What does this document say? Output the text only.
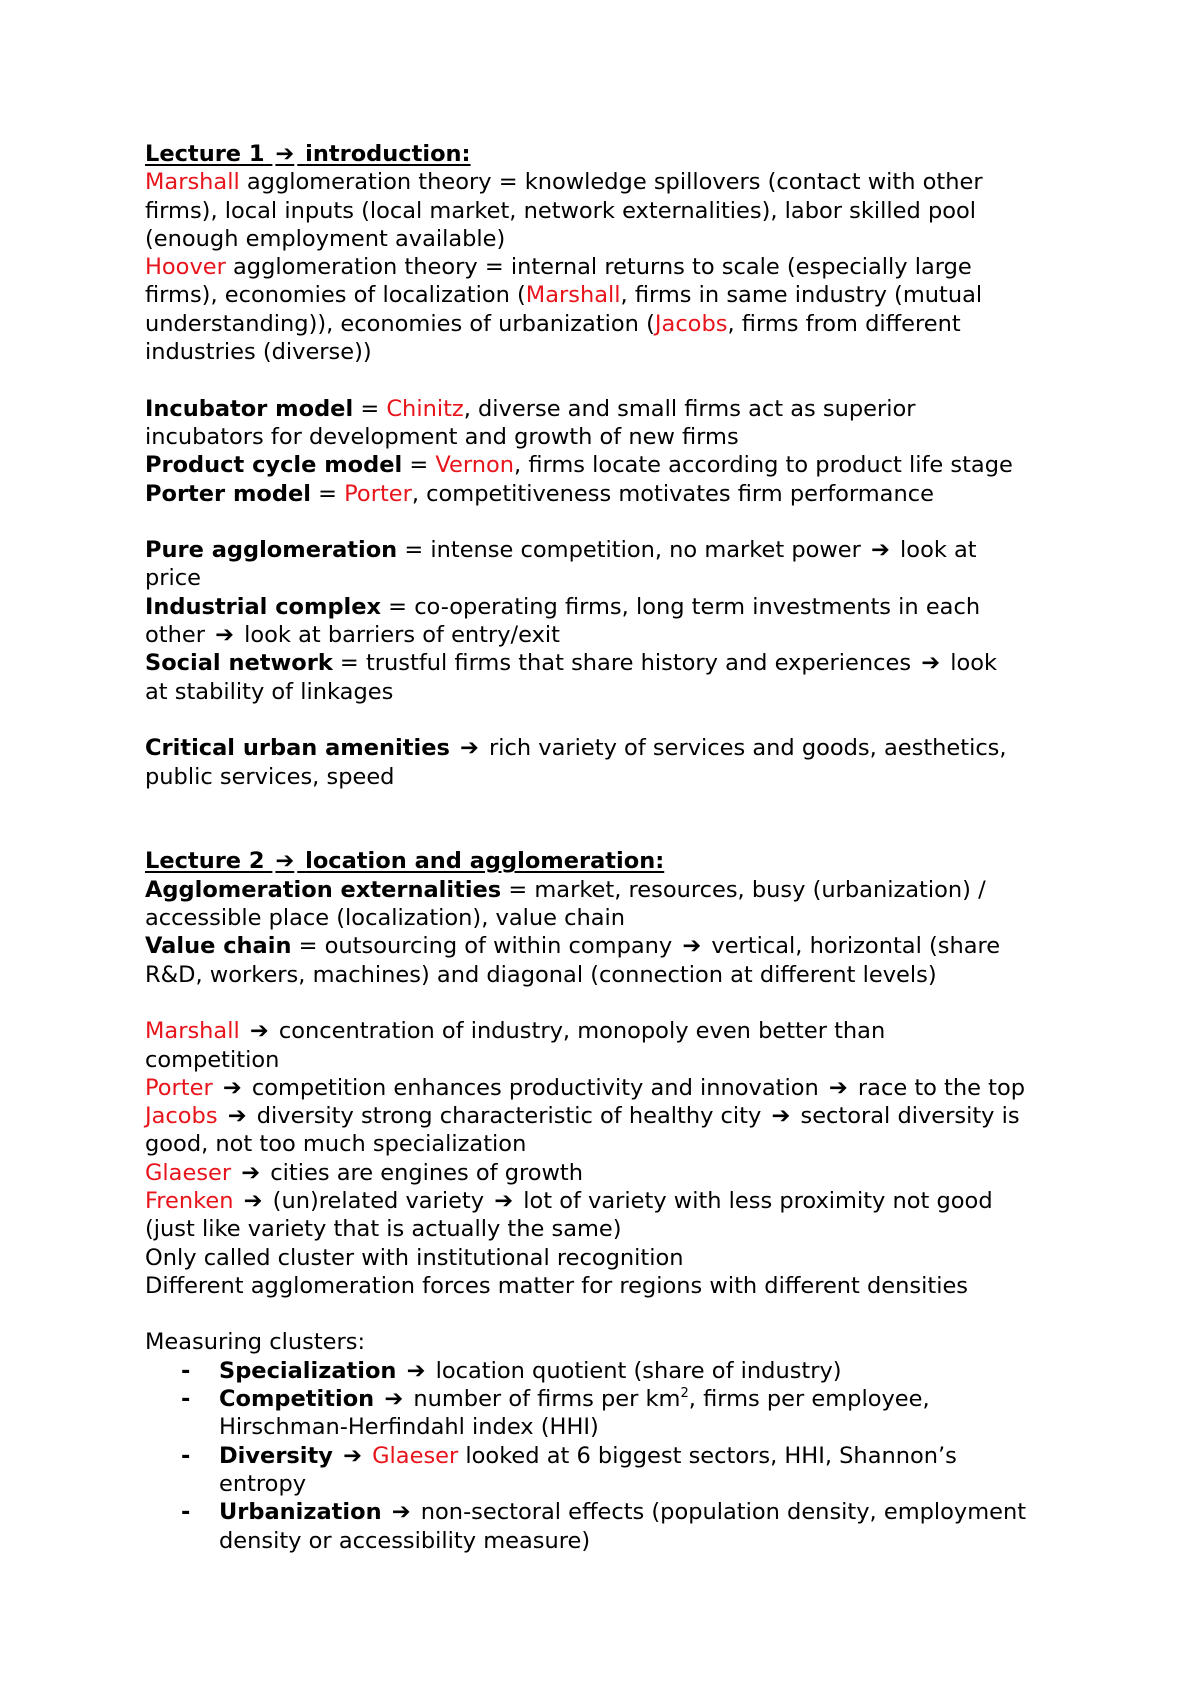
Lecture 1 ➔ introduction:
Marshall agglomeration theory = knowledge spillovers (contact with other
firms), local inputs (local market, network externalities), labor skilled pool
(enough employment available)
Hoover agglomeration theory = internal returns to scale (especially large
firms), economies of localization (Marshall, firms in same industry (mutual
understanding)), economies of urbanization (Jacobs, firms from different
industries (diverse))
Incubator model = Chinitz, diverse and small firms act as superior
incubators for development and growth of new firms
Product cycle model = Vernon, firms locate according to product life stage
Porter model = Porter, competitiveness motivates firm performance
Pure agglomeration = intense competition, no market power ➔ look at
price
Industrial complex = co-operating firms, long term investments in each
other ➔ look at barriers of entry/exit
Social network = trustful firms that share history and experiences ➔ look
at stability of linkages
Critical urban amenities ➔ rich variety of services and goods, aesthetics,
public services, speed
Lecture 2 ➔ location and agglomeration:
Agglomeration externalities = market, resources, busy (urbanization) /
accessible place (localization), value chain
Value chain = outsourcing of within company ➔ vertical, horizontal (share
R&D, workers, machines) and diagonal (connection at different levels)
Marshall ➔ concentration of industry, monopoly even better than
competition
Porter ➔ competition enhances productivity and innovation ➔ race to the top
Jacobs ➔ diversity strong characteristic of healthy city ➔ sectoral diversity is
good, not too much specialization
Glaeser ➔ cities are engines of growth
Frenken ➔ (un)related variety ➔ lot of variety with less proximity not good
(just like variety that is actually the same)
Only called cluster with institutional recognition
Different agglomeration forces matter for regions with different densities
Measuring clusters:
- Specialization ➔ location quotient (share of industry)
- Competition ➔ number of firms per $km^2$, firms per employee,
Hirschman-Herfindahl index (HHI)
- Diversity ➔ Glaeser looked at 6 biggest sectors, HHI, Shannon’s
entropy
- Urbanization ➔ non-sectoral effects (population density, employment
density or accessibility measure)
